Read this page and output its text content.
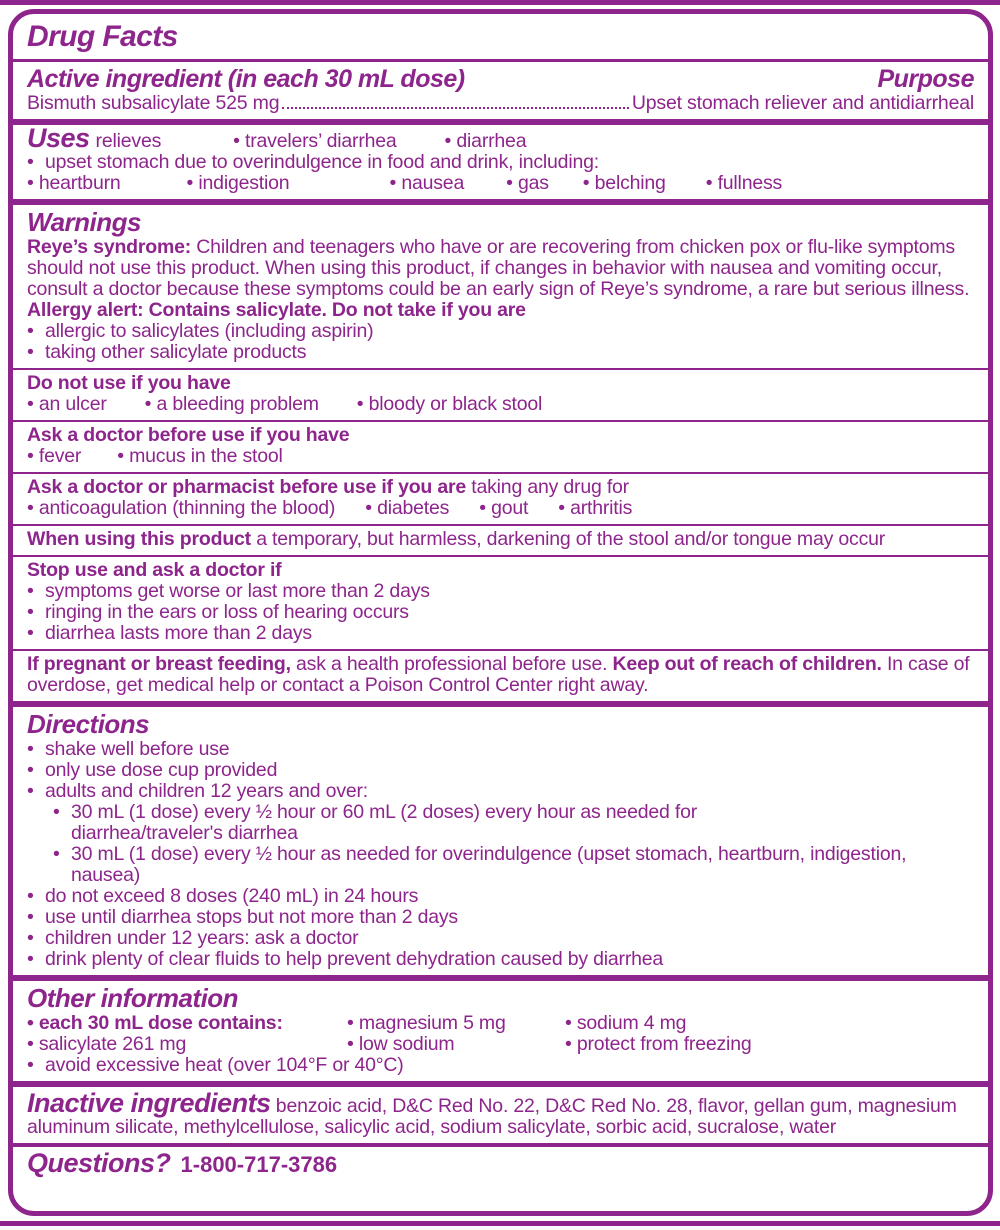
Drug Facts
Active ingredient (in each 30 mL dose)	Purpose
Bismuth subsalicylate 525 mg	Upset stomach reliever and antidiarrheal
Uses relieves	• travelers’ diarrhea	• diarrhea
• upset stomach due to overindulgence in food and drink, including:
• heartburn	• indigestion	• nausea	• gas • belching	• fullness
Warnings

Reye’s syndrome: Children and teenagers who have or are recovering from chicken pox or flu-like symptoms should not use this product. When using this product, if changes in behavior with nausea and vomiting occur, consult a doctor because these symptoms could be an early sign of Reye’s syndrome, a rare but serious illness.

Allergy alert: Contains salicylate. Do not take if you are

• allergic to salicylates (including aspirin)
• taking other salicylate products

Do not use if you have

• an ulcer	• a bleeding problem	• bloody or black stool

Ask a doctor before use if you have

• fever • mucus in the stool

Ask a doctor or pharmacist before use if you are taking any drug for

• anticoagulation (thinning the blood) • diabetes • gout • arthritis

When using this product a temporary, but harmless, darkening of the stool and/or tongue may occur

Stop use and ask a doctor if

• symptoms get worse or last more than 2 days
• ringing in the ears or loss of hearing occurs
• diarrhea lasts more than 2 days

If pregnant or breast feeding, ask a health professional before use. Keep out of reach of children. In case of overdose, get medical help or contact a Poison Control Center right away.

Directions
• shake well before use
• only use dose cup provided
• adults and children 12 years and over:
• 30 mL (1 dose) every ½ hour or 60 mL (2 doses) every hour as needed for diarrhea/traveler's diarrhea
• 30 mL (1 dose) every ½ hour as needed for overindulgence (upset stomach, heartburn, indigestion, nausea)
• do not exceed 8 doses (240 mL) in 24 hours
• use until diarrhea stops but not more than 2 days
• children under 12 years: ask a doctor
• drink plenty of clear fluids to help prevent dehydration caused by diarrhea
Other information
• each 30 mL dose contains:	• magnesium 5 mg	• sodium 4 mg
• salicylate 261 mg	• low sodium	• protect from freezing
• avoid excessive heat (over 104°F or 40°C)

Inactive ingredients benzoic acid, D&C Red No. 22, D&C Red No. 28, flavor, gellan gum, magnesium aluminum silicate, methylcellulose, salicylic acid, sodium salicylate, sorbic acid, sucralose, water

Questions? 1-800-717-3786
